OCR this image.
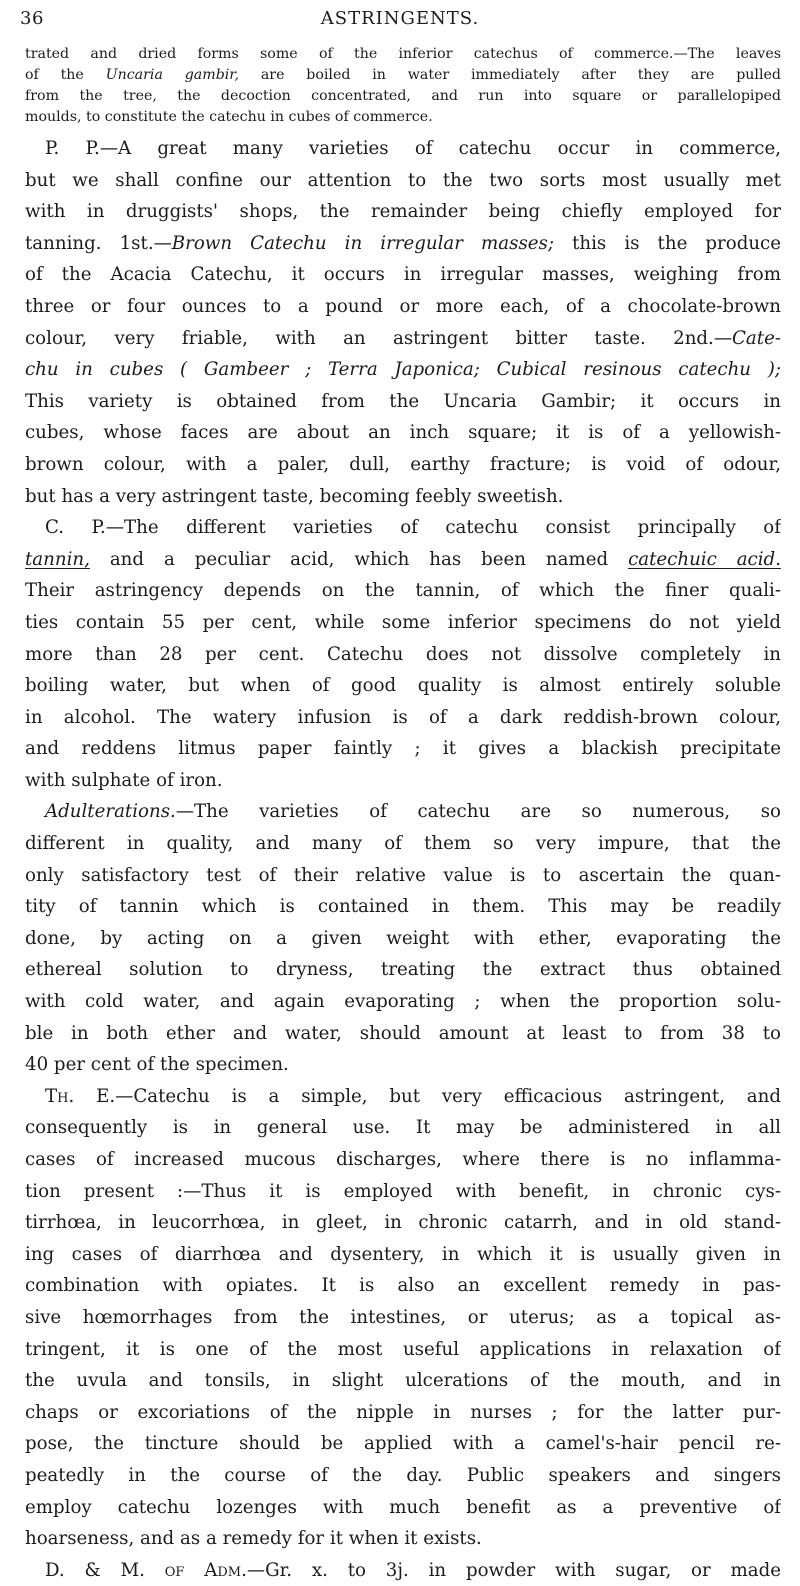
36	ASTRINGENTS.
trated and dried forms some of the inferior catechus of commerce.—The leaves
of the Uncaria gambir, are boiled in water immediately after they are pulled
from the tree, the decoction concentrated, and run into square or parallelopiped
moulds, to constitute the catechu in cubes of commerce.
P. P.—A great many varieties of catechu occur in commerce,
but we shall confine our attention to the two sorts most usually met
with in druggists' shops, the remainder being chiefly employed for
tanning. 1st.—Brown Catechu in irregular masses; this is the produce
of the Acacia Catechu, it occurs in irregular masses, weighing from
three or four ounces to a pound or more each, of a chocolate-brown
colour, very friable, with an astringent bitter taste. 2nd.—Cate-
chu in cubes ( Gambeer ; Terra Japonica; Cubical resinous catechu );
This variety is obtained from the Uncaria Gambir; it occurs in
cubes, whose faces are about an inch square; it is of a yellowish-
brown colour, with a paler, dull, earthy fracture; is void of odour,
but has a very astringent taste, becoming feebly sweetish.
C. P.—The different varieties of catechu consist principally of
tannin, and a peculiar acid, which has been named catechuic acid.
Their astringency depends on the tannin, of which the finer quali-
ties contain 55 per cent, while some inferior specimens do not yield
more than 28 per cent. Catechu does not dissolve completely in
boiling water, but when of good quality is almost entirely soluble
in alcohol. The watery infusion is of a dark reddish-brown colour,
and reddens litmus paper faintly ; it gives a blackish precipitate
with sulphate of iron.
Adulterations.—The varieties of catechu are so numerous, so
different in quality, and many of them so very impure, that the
only satisfactory test of their relative value is to ascertain the quan-
tity of tannin which is contained in them. This may be readily
done, by acting on a given weight with ether, evaporating the
ethereal solution to dryness, treating the extract thus obtained
with cold water, and again evaporating ; when the proportion solu-
ble in both ether and water, should amount at least to from 38 to
40 per cent of the specimen.
Th. E.—Catechu is a simple, but very efficacious astringent, and
consequently is in general use. It may be administered in all
cases of increased mucous discharges, where there is no inflamma-
tion present :—Thus it is employed with benefit, in chronic cys-
tirrhœa, in leucorrhœa, in gleet, in chronic catarrh, and in old stand-
ing cases of diarrhœa and dysentery, in which it is usually given in
combination with opiates. It is also an excellent remedy in pas-
sive hœmorrhages from the intestines, or uterus; as a topical as-
tringent, it is one of the most useful applications in relaxation of
the uvula and tonsils, in slight ulcerations of the mouth, and in
chaps or excoriations of the nipple in nurses ; for the latter pur-
pose, the tincture should be applied with a camel's-hair pencil re-
peatedly in the course of the day. Public speakers and singers
employ catechu lozenges with much benefit as a preventive of
hoarseness, and as a remedy for it when it exists.
D. & M. of Adm.—Gr. x. to 3j. in powder with sugar, or made
